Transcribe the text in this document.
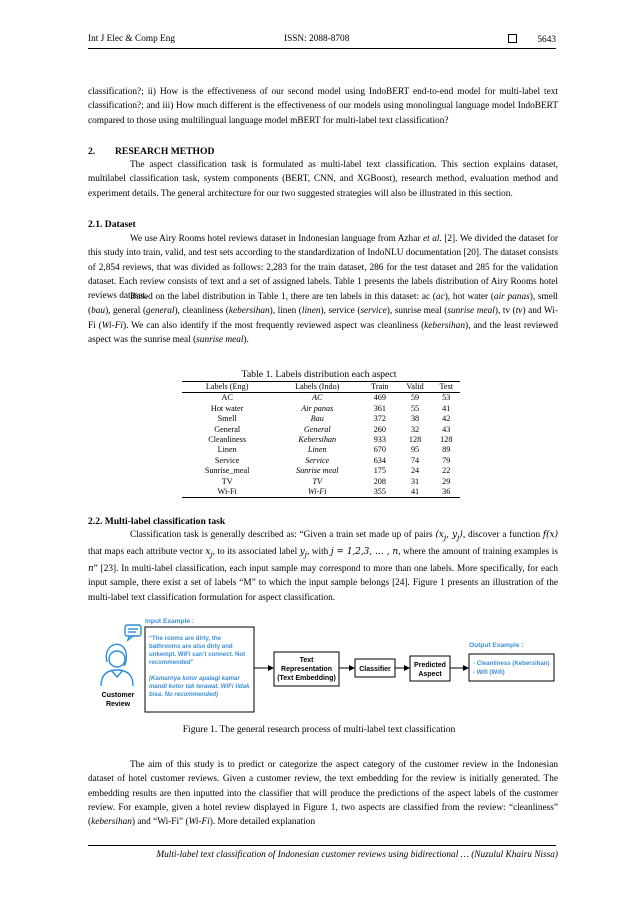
Int J Elec & Comp Eng	ISSN: 2088-8708	5643

classification?; ii) How is the effectiveness of our second model using IndoBERT end-to-end model for multi-label text classification?; and iii) How much different is the effectiveness of our models using monolingual language model IndoBERT compared to those using multilingual language model mBERT for multi-label text classification?

2. RESEARCH METHOD

The aspect classification task is formulated as multi-label text classification. This section explains dataset, multilabel classification task, system components (BERT, CNN, and XGBoost), research method, evaluation method and experiment details. The general architecture for our two suggested strategies will also be illustrated in this section.

2.1. Dataset

We use Airy Rooms hotel reviews dataset in Indonesian language from Azhar et al. [2]. We divided the dataset for this study into train, valid, and test sets according to the standardization of IndoNLU documentation [20]. The dataset consists of 2,854 reviews, that was divided as follows: 2,283 for the train dataset, 286 for the test dataset and 285 for the validation dataset. Each review consists of text and a set of assigned labels. Table 1 presents the labels distribution of Airy Rooms hotel reviews dataset.

Based on the label distribution in Table 1, there are ten labels in this dataset: ac (ac), hot water (air panas), smell (bau), general (general), cleanliness (kebersihan), linen (linen), service (service), sunrise meal (sunrise meal), tv (tv) and Wi-Fi (Wi-Fi). We can also identify if the most frequently reviewed aspect was cleanliness (kebersihan), and the least reviewed aspect was the sunrise meal (sunrise meal).

Table 1. Labels distribution each aspect
Labels (Eng)	Labels (Indo)	Train	Valid	Test
AC	AC	469	59	53
Hot water	Air panas	361	55	41
Smell	Bau	372	38	42
General	General	260	32	43
Cleanliness	Kebersihan	933	128	128
Linen	Linen	670	95	89
Service	Service	634	74	79
Sunrise_meal	Sunrise meal	175	24	22
TV	TV	208	31	29
Wi-Fi	Wi-Fi	355	41	36
2.2. Multi-label classification task

Classification task is generally described as: “Given a train set made up of pairs ($x_j$, $y_j$), discover a function f(x) that maps each attribute vector $x_j$, to its associated label $y_j$, with j = 1,2,3, … , n, where the amount of training examples is n” [23]. In multi-label classification, each input sample may correspond to more than one labels. More specifically, for each input sample, there exist a set of labels “M” to which the input sample belongs [24]. Figure 1 presents an illustration of the multi-label text classification formulation for aspect classification.

Customer
Review
Input Example :
“The rooms are dirty, the
bathrooms are also dirty and
unkempt. WiFi can’t connect. Not
recommended”
(Kamarnya kotor apalagi kamar
mandi kotor tak terawat. WiFi tidak
bisa. No recommended)
Text
Representation
(Text Embedding)
Classifier
Predicted
Aspect
Output Example :
- Cleanliness (Kebersihan)
- Wifi (Wifi)
Figure 1. The general research process of multi-label text classification

The aim of this study is to predict or categorize the aspect category of the customer review in the Indonesian dataset of hotel customer reviews. Given a customer review, the text embedding for the review is initially generated. The embedding results are then inputted into the classifier that will produce the predictions of the aspect labels of the customer review. For example, given a hotel review displayed in Figure 1, two aspects are classified from the review: “cleanliness” (kebersihan) and “Wi-Fi” (Wi-Fi). More detailed explanation

Multi-label text classification of Indonesian customer reviews using bidirectional … (Nuzulul Khairu Nissa)
